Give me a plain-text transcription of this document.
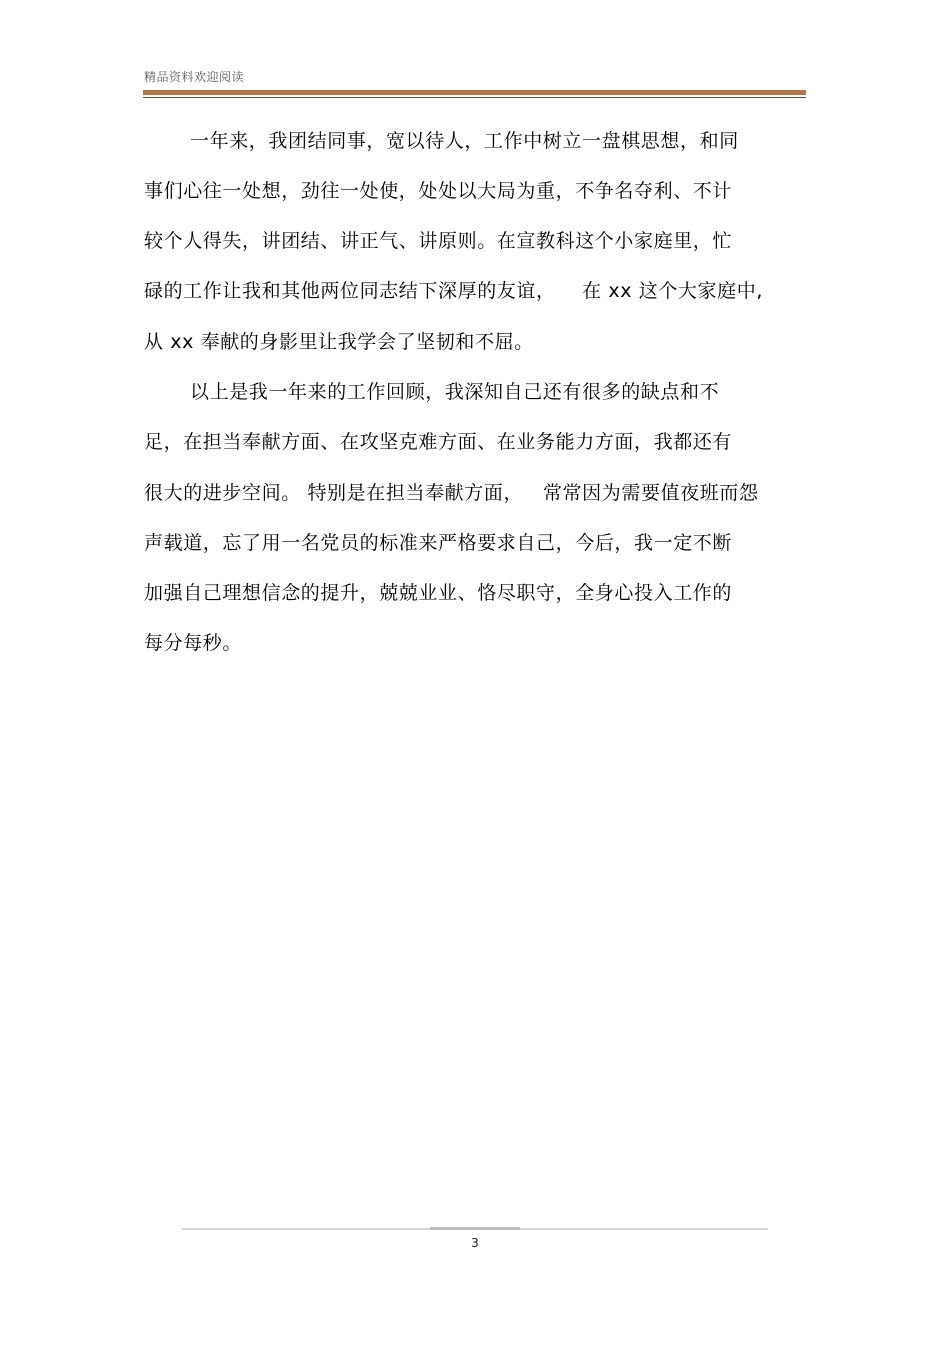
精品资料欢迎阅读
一年来，我团结同事，宽以待人，工作中树立一盘棋思想，和同
事们心往一处想，劲往一处使，处处以大局为重，不争名夺利、不计
较个人得失，讲团结、讲正气、讲原则。在宣教科这个小家庭里，忙
碌的工作让我和其他两位同志结下深厚的友谊，    在 xx 这个大家庭中,
从 xx 奉献的身影里让我学会了坚韧和不屈。
以上是我一年来的工作回顾，我深知自己还有很多的缺点和不
足，在担当奉献方面、在攻坚克难方面、在业务能力方面，我都还有
很大的进步空间。 特别是在担当奉献方面，   常常因为需要值夜班而怨
声载道，忘了用一名党员的标准来严格要求自己，今后，我一定不断
加强自己理想信念的提升，兢兢业业、恪尽职守，全身心投入工作的
每分每秒。
3
